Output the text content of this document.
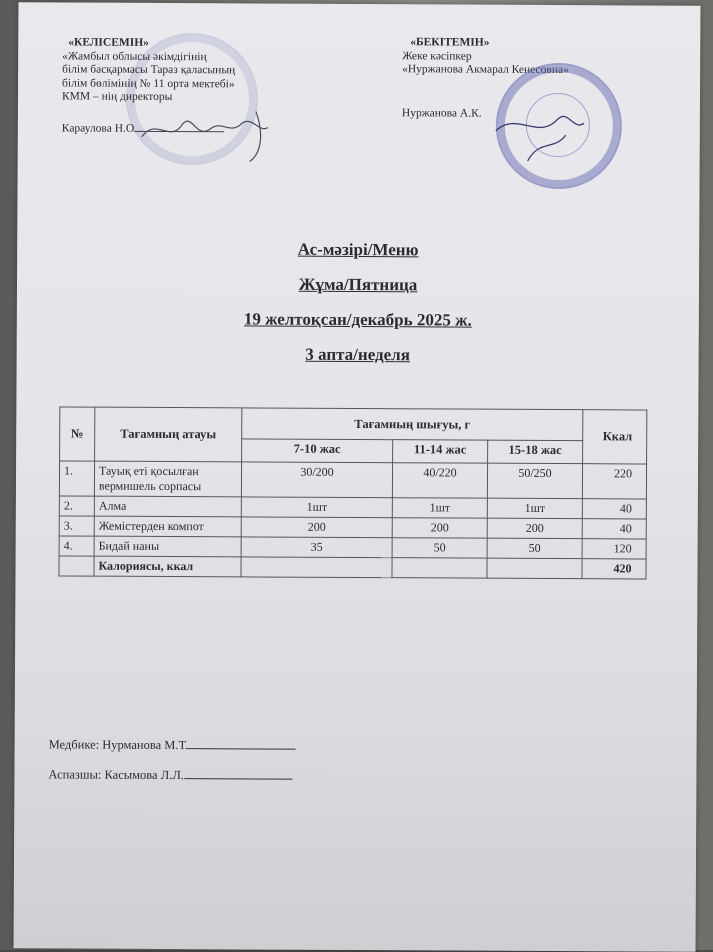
«КЕЛІСЕМІН»
«Жамбыл облысы әкімдігінің
білім басқармасы Тараз қаласының
білім бөлімінің № 11 орта мектебі»
КММ – нің директоры
Караулова Н.О
«БЕКІТЕМІН»
Жеке кәсіпкер
«Нуржанова Акмарал Кенесовна»
Нуржанова А.К.
Ас-мәзірі/Меню
Жұма/Пятница
19 желтоқсан/декабрь 2025 ж.
3 апта/неделя
№	Тағамның атауы	Тағамның шығуы, г			Ккал
		7-10 жас	11-14 жас	15-18 жас	
1.	Тауық еті қосылған вермишель сорпасы	30/200	40/220	50/250	220
2.	Алма	1шт	1шт	1шт	40
3.	Жемістерден компот	200	200	200	40
4.	Бидай наны	35	50	50	120
	Калориясы, ккал				420
Медбике: Нурманова М.Т.
Аспазшы: Касымова Л.Л.
